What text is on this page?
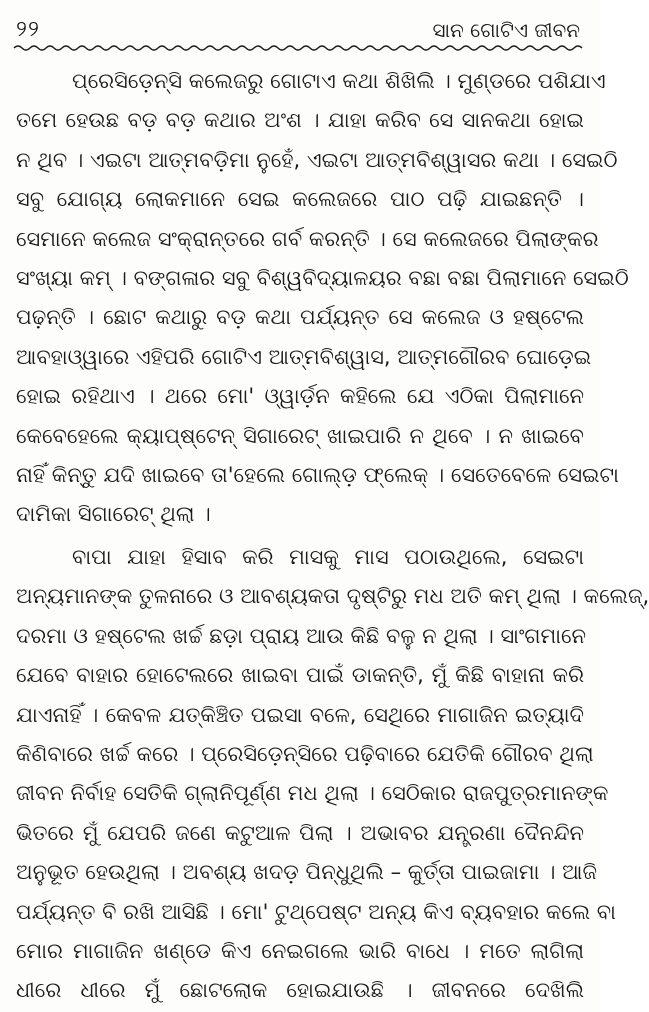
୨୨	ସାନ ଗୋଟିଏ ଜୀବନ

ପ୍ରେସିଡ଼େନ୍ସି କଲେଜରୁ ଗୋଟାଏ କଥା ଶିଖିଲି । ମୁଣ୍ଡରେ ପଶିଯାଏ

ତମେ ହେଉଛ ବଡ଼ ବଡ଼ କଥାର ଅଂଶ । ଯାହା କରିବ ସେ ସାନକଥା ହୋଇ

ନ ଥିବ । ଏଇଟା ଆତ୍ମବଡ଼ିମା ନୁହେଁ, ଏଇଟା ଆତ୍ମବିଶ୍ୱାସର କଥା । ସେଇଠି

ସବୁ ଯୋଗ୍ୟ ଲୋକମାନେ ସେଇ କଲେଜରେ ପାଠ ପଢ଼ି ଯାଇଛନ୍ତି ।

ସେମାନେ କଲେଜ ସଂକ୍ରାନ୍ତରେ ଗର୍ବ କରନ୍ତି । ସେ କଲେଜରେ ପିଲାଙ୍କର

ସଂଖ୍ୟା କମ୍ । ବଙ୍ଗଳାର ସବୁ ବିଶ୍ୱବିଦ୍ୟାଳୟର ବଛା ବଛା ପିଲାମାନେ ସେଇଠି

ପଢ଼ନ୍ତି । ଛୋଟ କଥାରୁ ବଡ଼ କଥା ପର୍ଯ୍ୟନ୍ତ ସେ କଲେଜ ଓ ହଷ୍ଟେଲ

ଆବହାଓ୍ୱାରେ ଏହିପରି ଗୋଟିଏ ଆତ୍ମବିଶ୍ୱାସ, ଆତ୍ମଗୌରବ ଘୋଡ଼େଇ

ହୋଇ ରହିଥାଏ । ଥରେ ମୋ' ଓ୍ୱାର୍ଡ଼ନ କହିଲେ ଯେ ଏଠିକା ପିଲାମାନେ

କେବେହେଲେ କ୍ୟାପ୍‌ଷ୍ଟେନ୍ ସିଗାରେଟ୍ ଖାଇପାରି ନ ଥିବେ । ନ ଖାଇବେ

ନାହିଁ କିନ୍ତୁ ଯଦି ଖାଇବେ ତା'ହେଲେ ଗୋଲ୍ଡ଼ ଫ୍ଲେକ୍ । ସେତେବେଳେ ସେଇଟା

ଦାମିକା ସିଗାରେଟ୍ ଥିଲା ।

ବାପା ଯାହା ହିସାବ କରି ମାସକୁ ମାସ ପଠାଉଥିଲେ, ସେଇଟା

ଅନ୍ୟମାନଙ୍କ ତୁଳନାରେ ଓ ଆବଶ୍ୟକତା ଦୃଷ୍ଟିରୁ ମଧ ଅତି କମ୍ ଥିଲା । କଲେଜ୍,

ଦରମା ଓ ହଷ୍ଟେଲ ଖର୍ଚ୍ଚ ଛଡ଼ା ପ୍ରାୟ ଆଉ କିଛି ବଳୁ ନ ଥିଲା । ସାଂଗମାନେ

ଯେବେ ବାହାର ହୋଟେଲରେ ଖାଇବା ପାଇଁ ଡାକନ୍ତି, ମୁଁ କିଛି ବାହାନା କରି

ଯାଏନାହିଁ । କେବଳ ଯତ୍‌କିଞ୍ଚିତ ପଇସା ବଳେ, ସେଥିରେ ମାଗାଜିନ ଇତ୍ୟାଦି

କିଣିବାରେ ଖର୍ଚ୍ଚ କରେ । ପ୍ରେସିଡ଼େନ୍ସିରେ ପଢ଼ିବାରେ ଯେତିକି ଗୌରବ ଥିଲା

ଜୀବନ ନିର୍ବାହ ସେତିକି ଗ୍ଲାନିପୂର୍ଣ୍ଣ ମଧ ଥିଲା । ସେଠିକାର ରାଜପୁତ୍ରମାନଙ୍କ

ଭିତରେ ମୁଁ ଯେପରି ଜଣେ କଟୁଆଳ ପିଲା । ଅଭାବର ଯନ୍ତ୍ରଣା ଦୈନନ୍ଦିନ

ଅନୁଭୂତ ହେଉଥିଲା । ଅବଶ୍ୟ ଖଦଡ଼ ପିନ୍ଧୁଥିଲି – କୁର୍ତ୍ତା ପାଇଜାମା । ଆଜି

ପର୍ଯ୍ୟନ୍ତ ବି ରଖି ଆସିଛି । ମୋ' ଟୁଥ୍‌ପେଷ୍ଟ ଅନ୍ୟ କିଏ ବ୍ୟବହାର କଲେ ବା

ମୋର ମାଗାଜିନ ଖଣ୍ଡେ କିଏ ନେଇଗଲେ ଭାରି ବାଧେ । ମତେ ଲାଗିଲା

ଧୀରେ ଧୀରେ ମୁଁ ଛୋଟଲୋକ ହୋଇଯାଉଛି । ଜୀବନରେ ଦେଖିଲି
